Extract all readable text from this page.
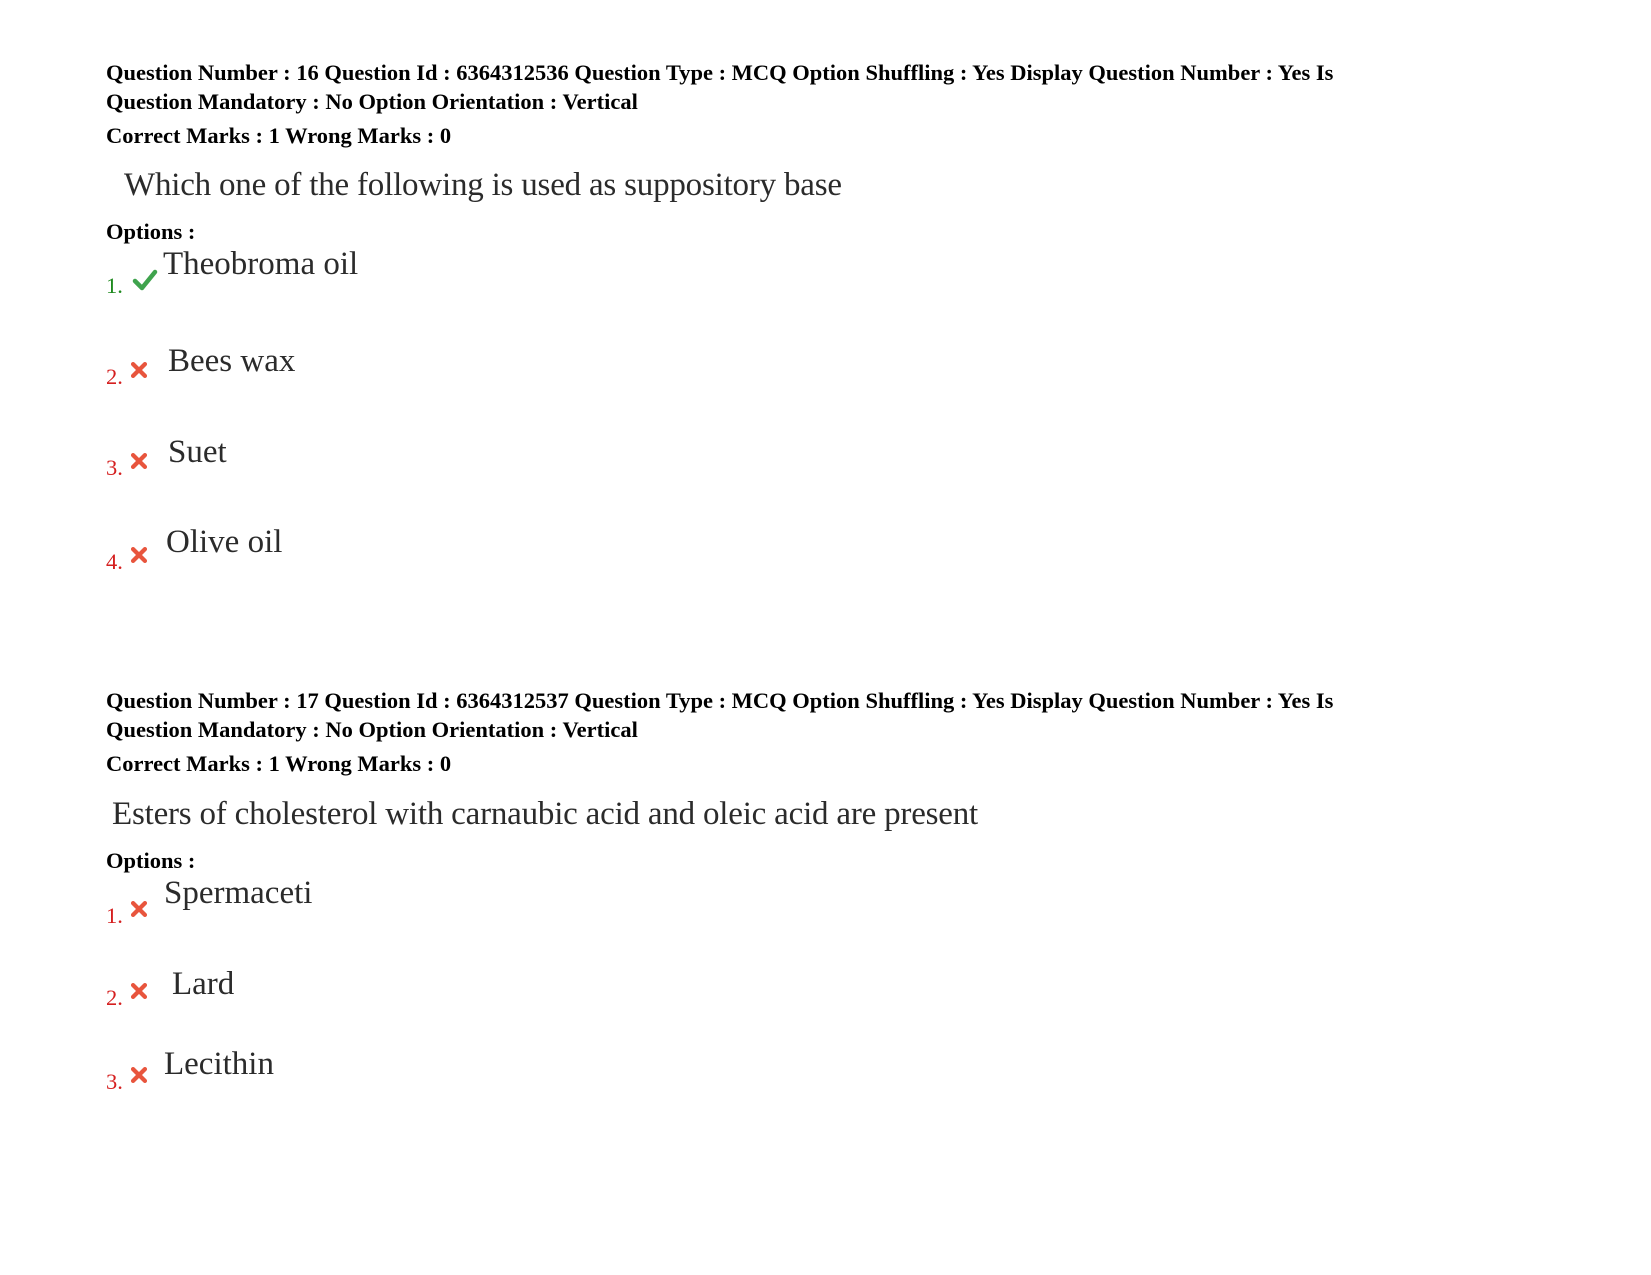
Question Number : 16 Question Id : 6364312536 Question Type : MCQ Option Shuffling : Yes Display Question Number : Yes Is

Question Mandatory : No Option Orientation : Vertical

Correct Marks : 1 Wrong Marks : 0

Which one of the following is used as suppository base

Options :

1.
Theobroma oil
2. Bees wax
3. Suet
4.
Olive oil

Question Number : 17 Question Id : 6364312537 Question Type : MCQ Option Shuffling : Yes Display Question Number : Yes Is

Question Mandatory : No Option Orientation : Vertical

Correct Marks : 1 Wrong Marks : 0

Esters of cholesterol with carnaubic acid and oleic acid are present

Options :

1.
Spermaceti
2. Lard
3. Lecithin
